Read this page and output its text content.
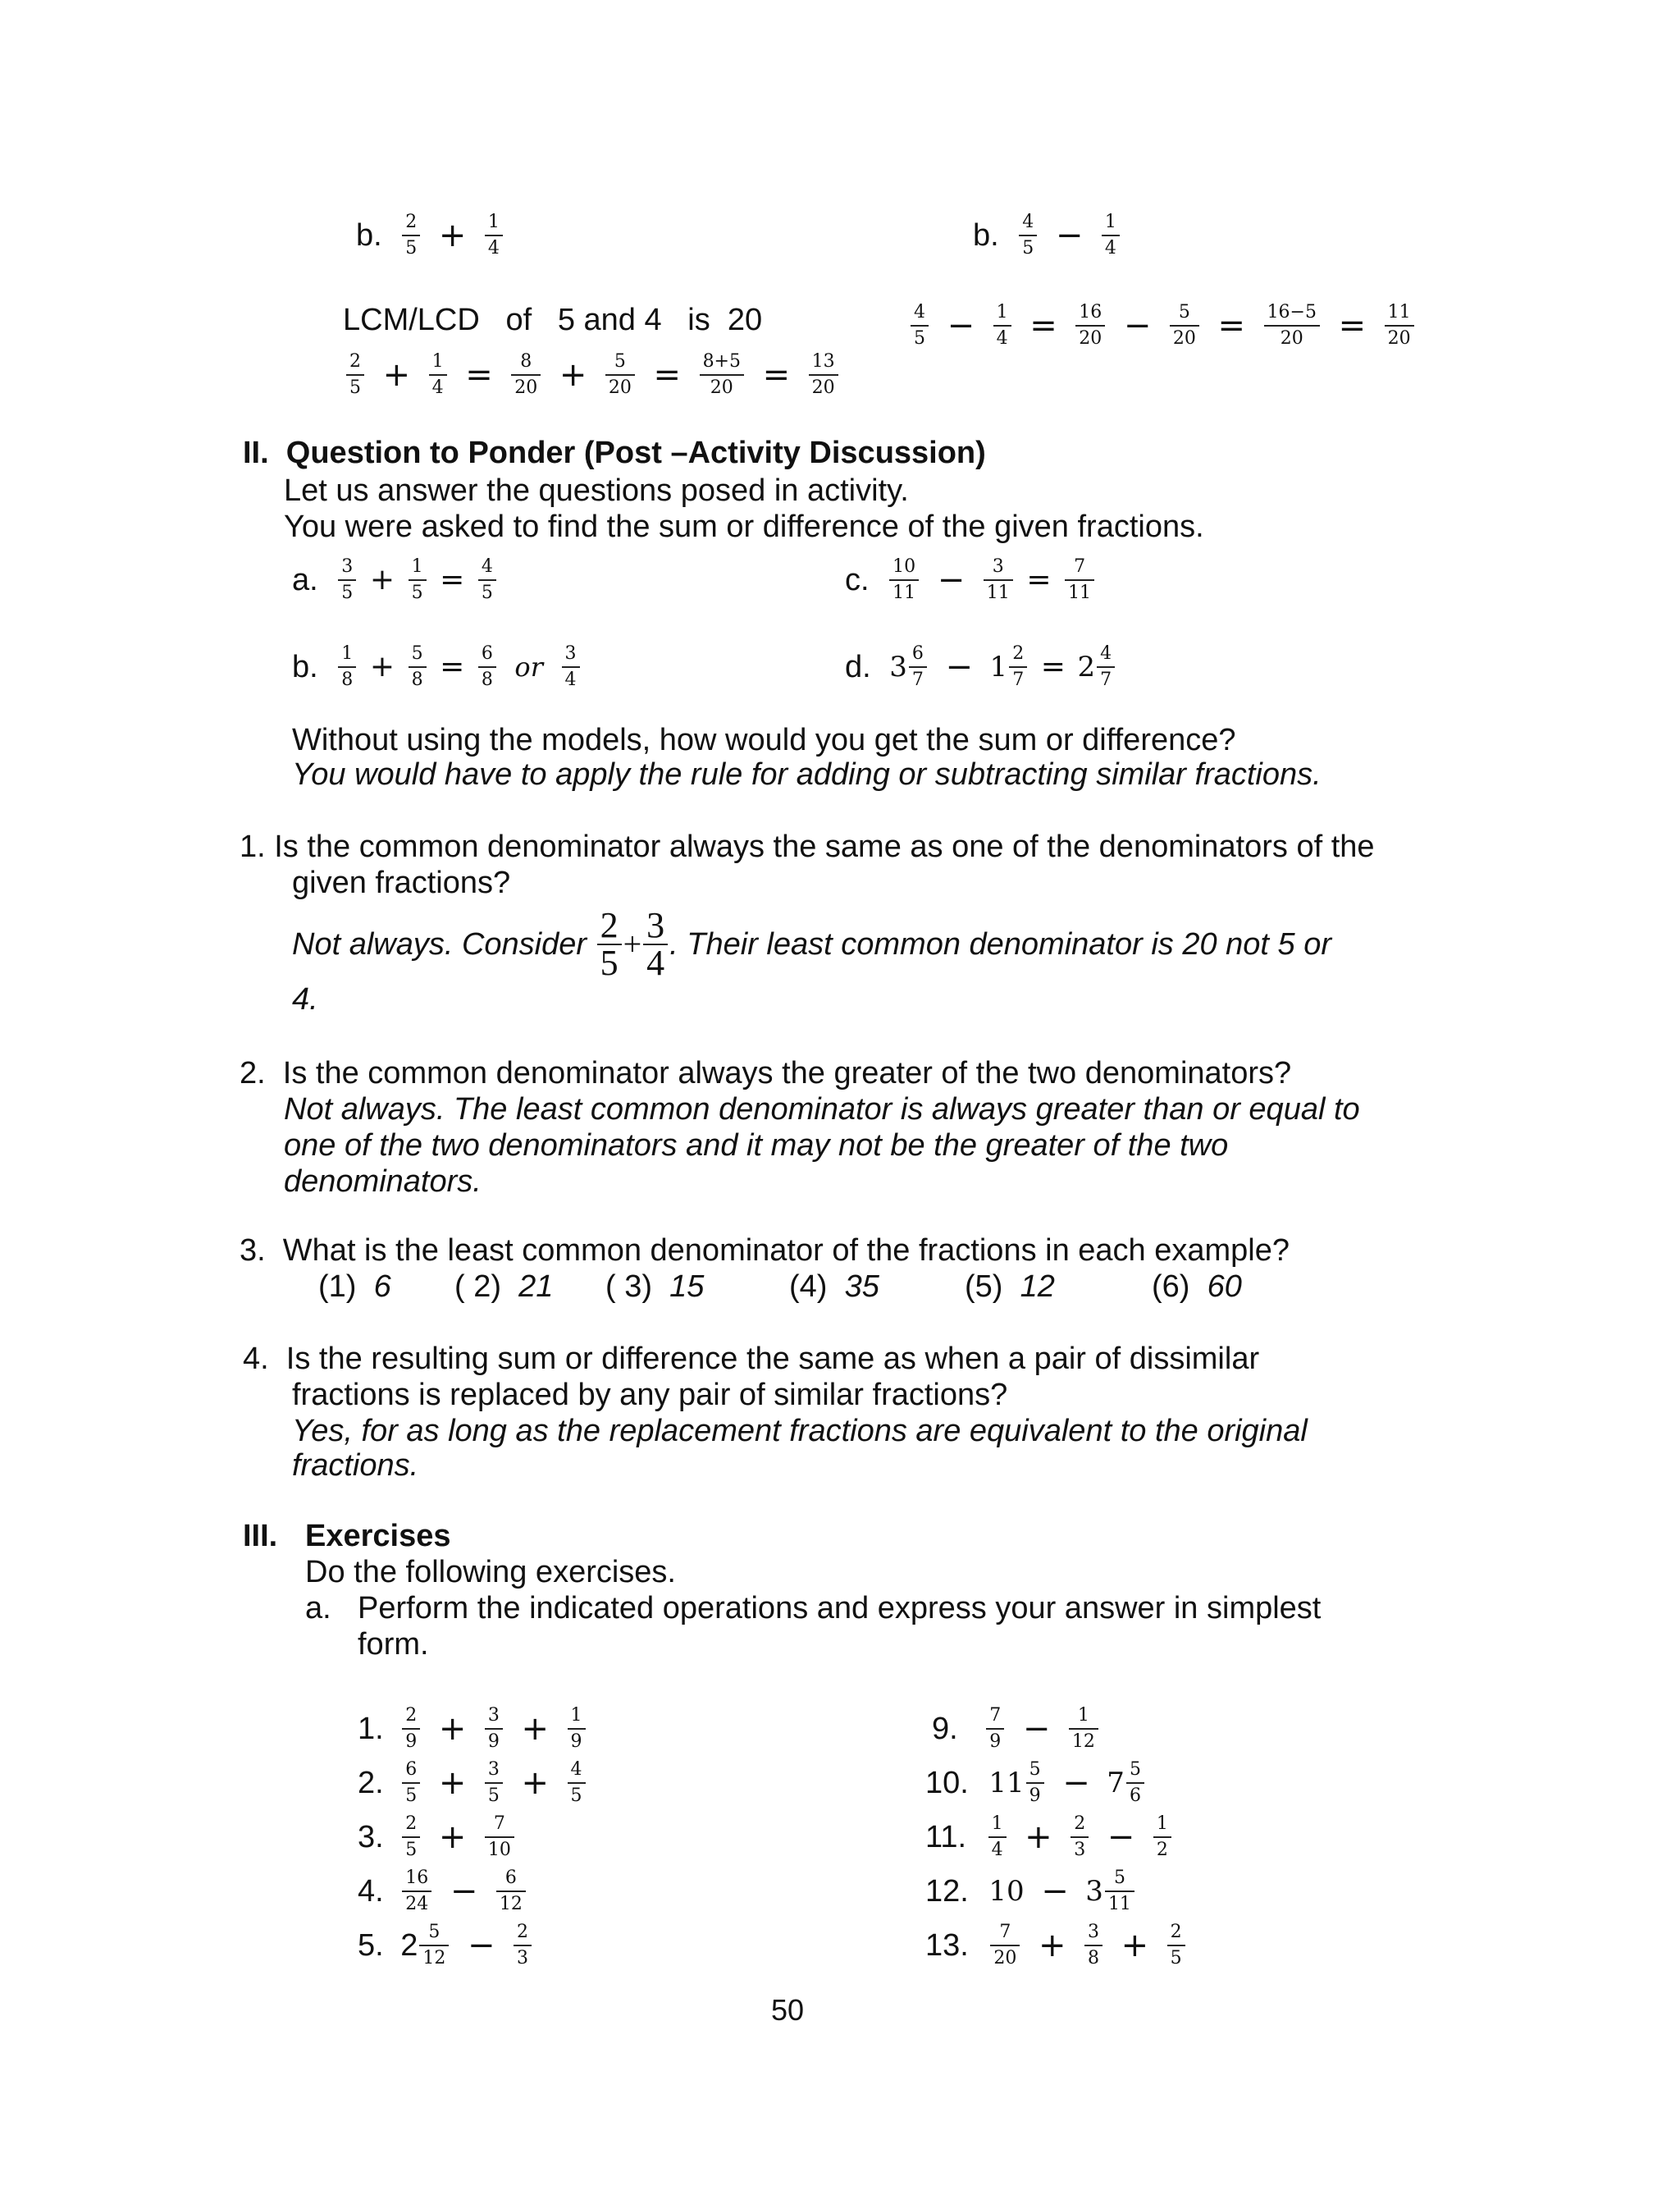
b. $\frac{2}{5} + \frac{1}{4}$
LCM/LCD   of   5 and 4   is  20
$\frac{2}{5} + \frac{1}{4} = \frac{8}{20} + \frac{5}{20} = \frac{8+5}{20} = \frac{13}{20}$
b. $\frac{4}{5} - \frac{1}{4}$
$\frac{4}{5} - \frac{1}{4} = \frac{16}{20} - \frac{5}{20} = \frac{16-5}{20} = \frac{11}{20}$
II.  Question to Ponder (Post –Activity Discussion)
Let us answer the questions posed in activity.
You were asked to find the sum or difference of the given fractions.
a. $\frac{3}{5} + \frac{1}{5} = \frac{4}{5}$	c. $\frac{10}{11} - \frac{3}{11} = \frac{7}{11}$
b. $\frac{1}{8} + \frac{5}{8} = \frac{6}{8}$ or $\frac{3}{4}$	d. $3 \frac{6}{7} - 1 \frac{2}{7} = 2 \frac{4}{7}$
Without using the models, how would you get the sum or difference?
You would have to apply the rule for adding or subtracting similar fractions.
1. Is the common denominator always the same as one of the denominators of the
given fractions?
Not always. Consider $\frac{2}{5} + \frac{3}{4}$ . Their least common denominator is 20 not 5 or
4.
2.  Is the common denominator always the greater of the two denominators?
Not always. The least common denominator is always greater than or equal to
one of the two denominators and it may not be the greater of the two
denominators.
3.  What is the least common denominator of the fractions in each example?
(1) 6 ( 2) 21 ( 3) 15	(4) 35	(5) 12	(6) 60
4.  Is the resulting sum or difference the same as when a pair of dissimilar
fractions is replaced by any pair of similar fractions?
Yes, for as long as the replacement fractions are equivalent to the original
fractions.
III. Exercises
Do the following exercises.
a. Perform the indicated operations and express your answer in simplest
form.
1. $\frac{2}{9} + \frac{3}{9} + \frac{1}{9}$
2. $\frac{6}{5} + \frac{3}{5} + \frac{4}{5}$
3. $\frac{2}{5} + \frac{7}{10}$
4. $\frac{16}{24} - \frac{6}{12}$
5. $2 \frac{5}{12} - \frac{2}{3}$
9. $\frac{7}{9} - \frac{1}{12}$
10. $11 \frac{5}{9} - 7 \frac{5}{6}$
11. $\frac{1}{4} + \frac{2}{3} - \frac{1}{2}$
12. $10 - 3 \frac{5}{11}$
13. $\frac{7}{20} + \frac{3}{8} + \frac{2}{5}$
50
